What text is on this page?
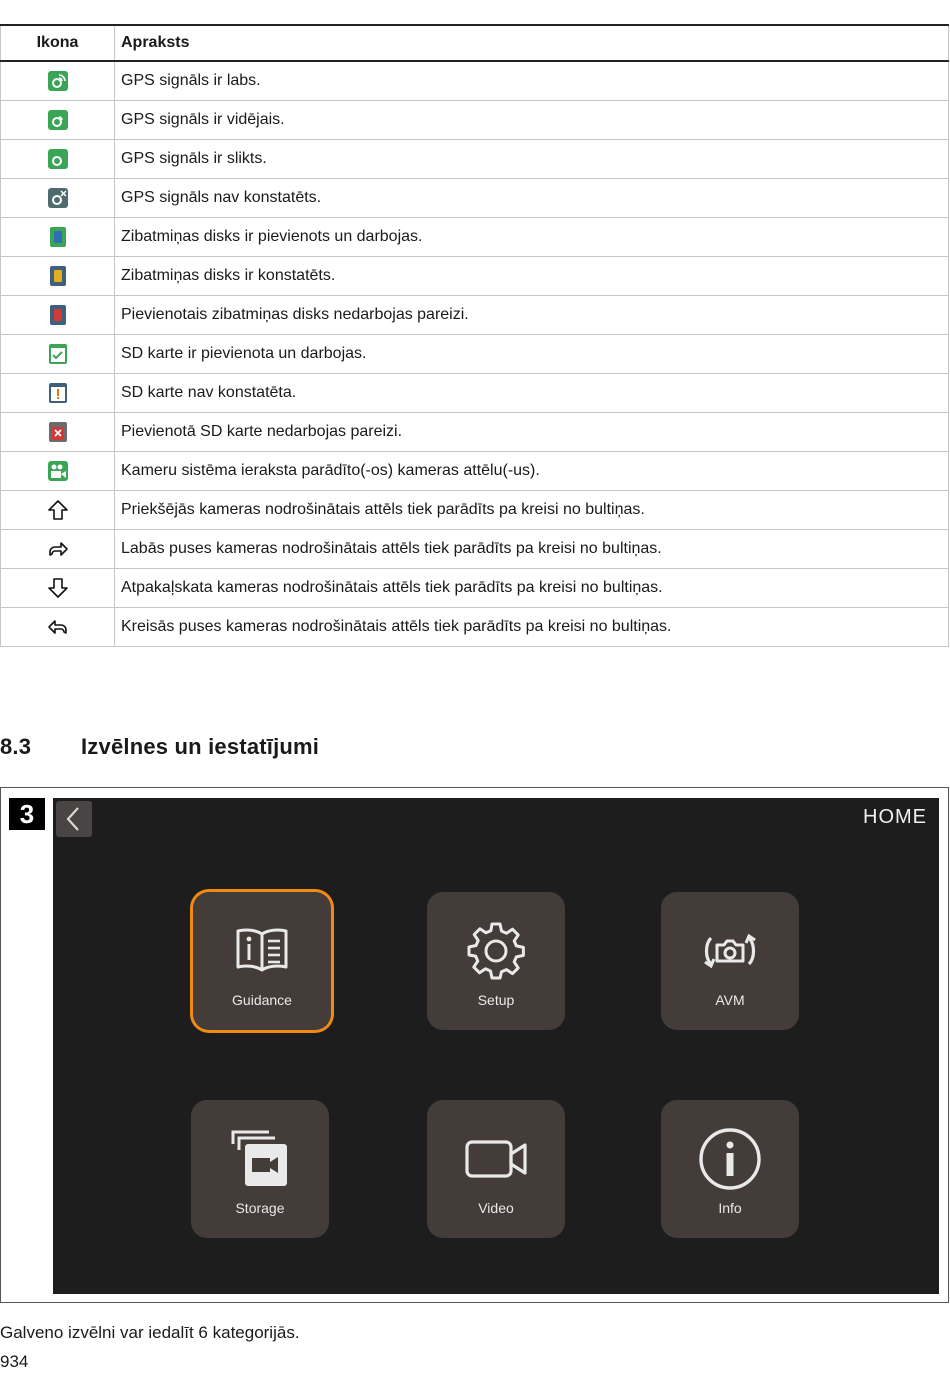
Ikona	Apraksts

	GPS signāls ir labs.

	GPS signāls ir vidējais.

	GPS signāls ir slikts.

	GPS signāls nav konstatēts.

	Zibatmiņas disks ir pievienots un darbojas.

	Zibatmiņas disks ir konstatēts.

	Pievienotais zibatmiņas disks nedarbojas pareizi.

	SD karte ir pievienota un darbojas.

	SD karte nav konstatēta.

	Pievienotā SD karte nedarbojas pareizi.

	Kameru sistēma ieraksta parādīto(-os) kameras attēlu(-us).

	Priekšējās kameras nodrošinātais attēls tiek parādīts pa kreisi no bultiņas.

	Labās puses kameras nodrošinātais attēls tiek parādīts pa kreisi no bultiņas.

	Atpakaļskata kameras nodrošinātais attēls tiek parādīts pa kreisi no bultiņas.

	Kreisās puses kameras nodrošinātais attēls tiek parādīts pa kreisi no bultiņas.
8.3 Izvēlnes un iestatījumi
3	HOME
Guidance	Setup	AVM
Storage	Video	Info
Galveno izvēlni var iedalīt 6 kategorijās.
934
